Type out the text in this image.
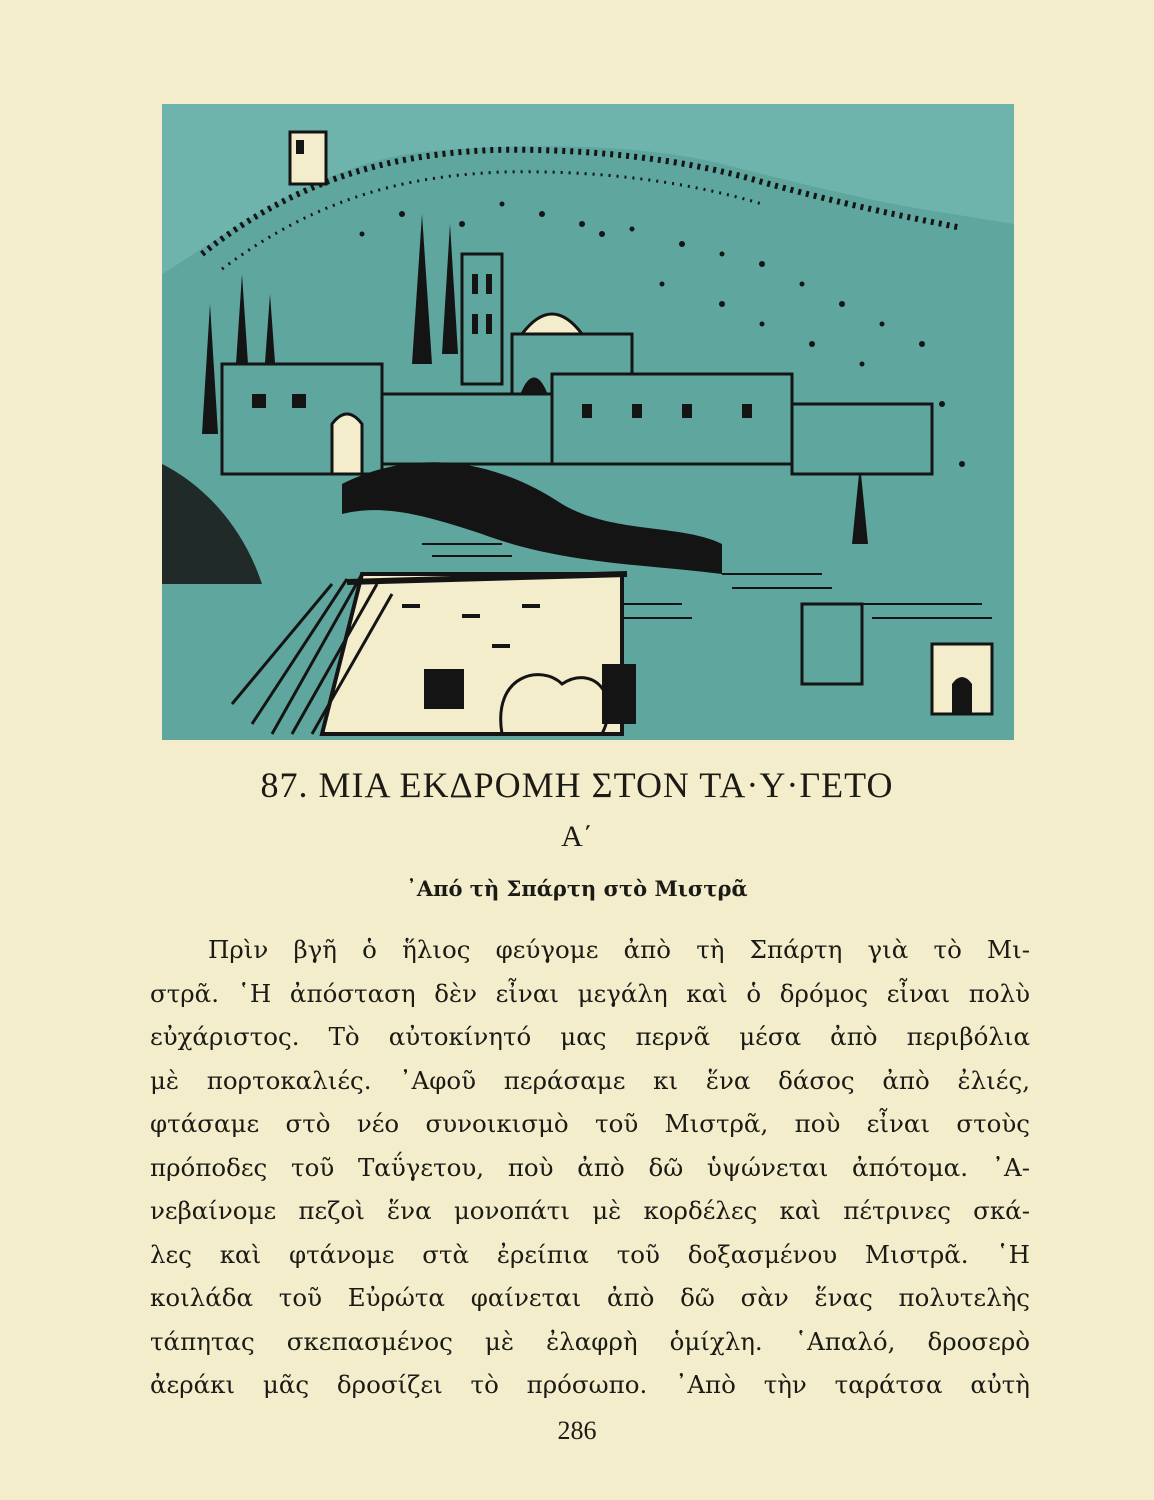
87. ΜΙΑ ΕΚΔΡΟΜΗ ΣΤΟΝ ΤΑ·Υ·ΓΕΤΟ
Α΄
᾿Από τὴ Σπάρτη στὸ Μιστρᾶ
Πρὶν βγῆ ὁ ἥλιος φεύγομε ἀπὸ τὴ Σπάρτη γιὰ τὸ Μι-
στρᾶ. ῾Η ἀπόσταση δὲν εἶναι μεγάλη καὶ ὁ δρόμος εἶναι πολὺ
εὐχάριστος. Τὸ αὐτοκίνητό μας περνᾶ μέσα ἀπὸ περιβόλια
μὲ πορτοκαλιές. ᾿Αφοῦ περάσαμε κι ἕνα δάσος ἀπὸ ἐλιές,
φτάσαμε στὸ νέο συνοικισμὸ τοῦ Μιστρᾶ, ποὺ εἶναι στοὺς
πρόποδες τοῦ Ταΰγετου, ποὺ ἀπὸ δῶ ὑψώνεται ἀπότομα. ᾿Α-
νεβαίνομε πεζοὶ ἕνα μονοπάτι μὲ κορδέλες καὶ πέτρινες σκά-
λες καὶ φτάνομε στὰ ἐρείπια τοῦ δοξασμένου Μιστρᾶ. ῾Η
κοιλάδα τοῦ Εὐρώτα φαίνεται ἀπὸ δῶ σὰν ἕνας πολυτελὴς
τάπητας σκεπασμένος μὲ ἐλαφρὴ ὁμίχλη. ῾Απαλό, δροσερὸ
ἀεράκι μᾶς δροσίζει τὸ πρόσωπο. ᾿Απὸ τὴν ταράτσα αὐτὴ
286
